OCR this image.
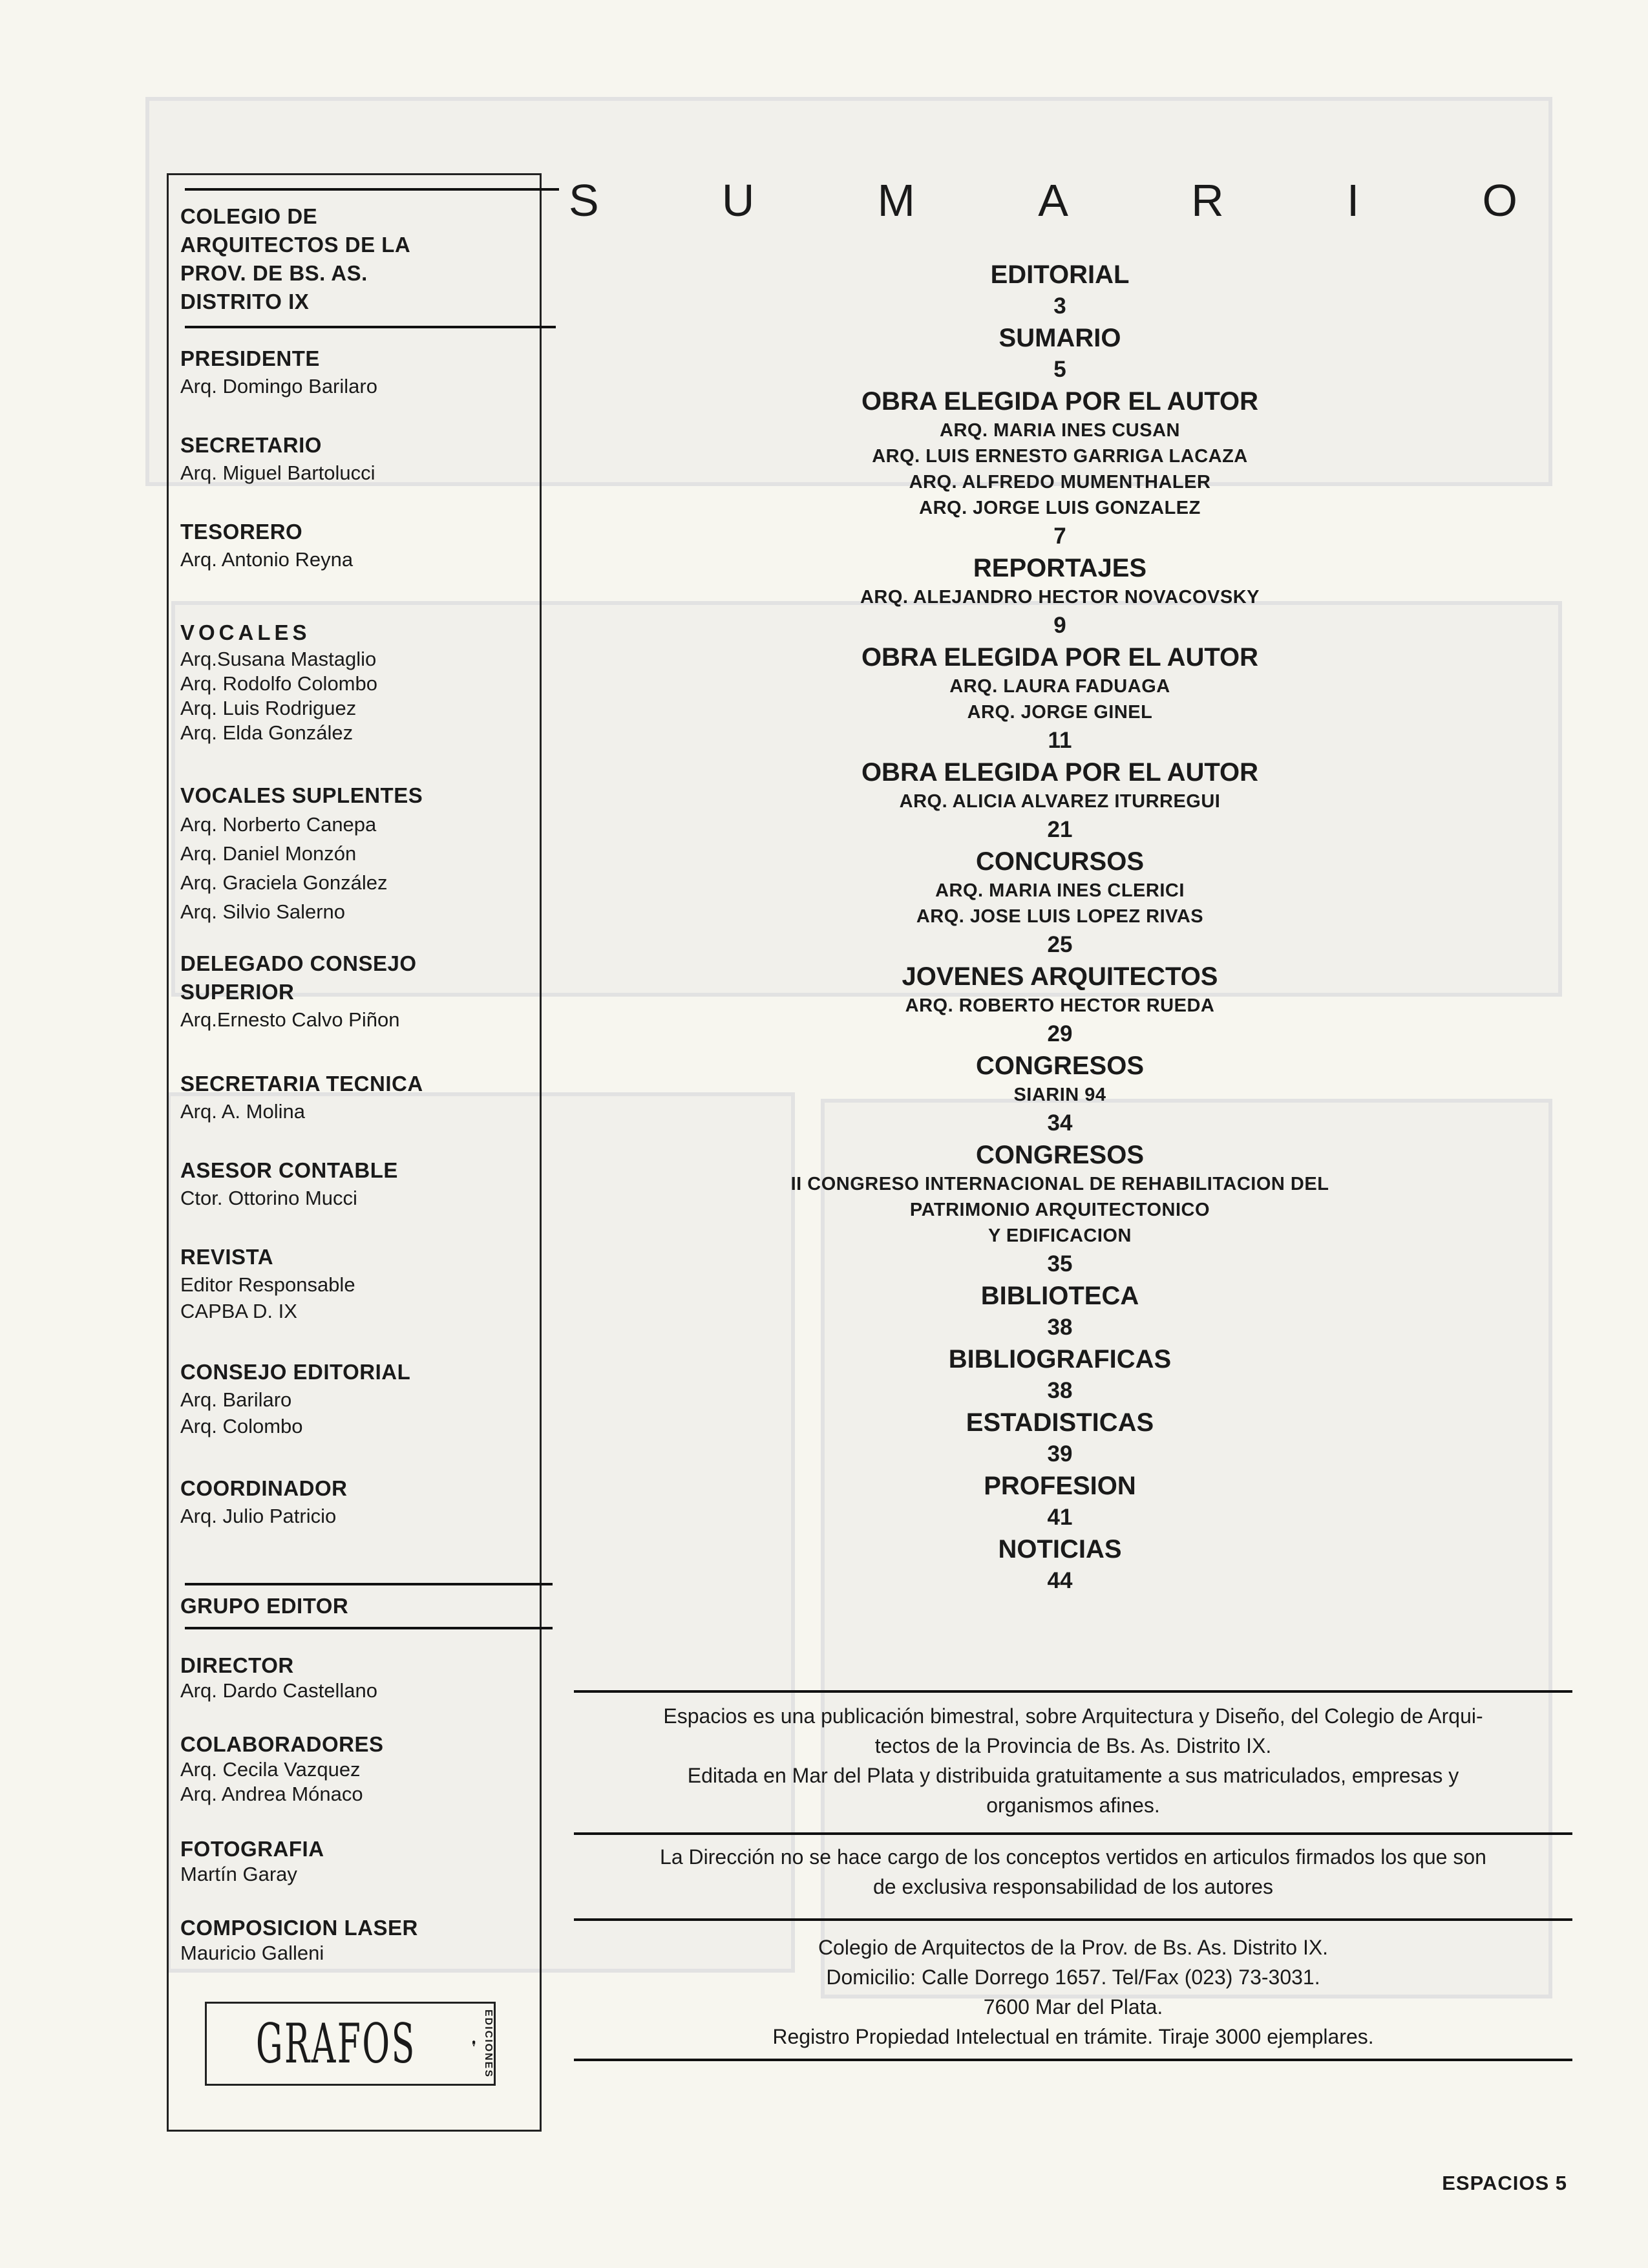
COLEGIO DE
ARQUITECTOS DE LA
PROV. DE BS. AS.
DISTRITO IX
PRESIDENTE
Arq. Domingo Barilaro
SECRETARIO
Arq. Miguel Bartolucci
TESORERO
Arq. Antonio Reyna
VOCALES
Arq.Susana Mastaglio
Arq. Rodolfo Colombo
Arq. Luis Rodriguez
Arq. Elda González
VOCALES SUPLENTES
Arq. Norberto Canepa
Arq. Daniel Monzón
Arq. Graciela González
Arq. Silvio Salerno
DELEGADO CONSEJO
SUPERIOR
Arq.Ernesto Calvo Piñon
SECRETARIA TECNICA
Arq. A. Molina
ASESOR CONTABLE
Ctor. Ottorino Mucci
REVISTA
Editor Responsable
CAPBA D. IX
CONSEJO EDITORIAL
Arq. Barilaro
Arq. Colombo
COORDINADOR
Arq. Julio Patricio
GRUPO EDITOR
DIRECTOR
Arq. Dardo Castellano
COLABORADORES
Arq. Cecila Vazquez
Arq. Andrea Mónaco
FOTOGRAFIA
Martín Garay
COMPOSICION LASER
Mauricio Galleni
GRAFOS	EDICIONES
S	U	M	A	R	I	O
EDITORIAL
3
SUMARIO
5
OBRA ELEGIDA POR EL AUTOR
ARQ. MARIA INES CUSAN
ARQ. LUIS ERNESTO GARRIGA LACAZA
ARQ. ALFREDO MUMENTHALER
ARQ. JORGE LUIS GONZALEZ
7
REPORTAJES
ARQ. ALEJANDRO HECTOR NOVACOVSKY
9
OBRA ELEGIDA POR EL AUTOR
ARQ. LAURA FADUAGA
ARQ. JORGE GINEL
11
OBRA ELEGIDA POR EL AUTOR
ARQ. ALICIA ALVAREZ ITURREGUI
21
CONCURSOS
ARQ. MARIA INES CLERICI
ARQ. JOSE LUIS LOPEZ RIVAS
25
JOVENES ARQUITECTOS
ARQ. ROBERTO HECTOR RUEDA
29
CONGRESOS
SIARIN 94
34
CONGRESOS
II CONGRESO INTERNACIONAL DE REHABILITACION DEL
PATRIMONIO ARQUITECTONICO
Y EDIFICACION
35
BIBLIOTECA
38
BIBLIOGRAFICAS
38
ESTADISTICAS
39
PROFESION
41
NOTICIAS
44
Espacios es una publicación bimestral, sobre Arquitectura y Diseño, del Colegio de Arqui-
tectos de la Provincia de Bs. As. Distrito IX.
Editada en Mar del Plata y distribuida gratuitamente a sus matriculados, empresas y
organismos afines.
La Dirección no se hace cargo de los conceptos vertidos en articulos firmados los que son
de exclusiva responsabilidad de los autores
Colegio de Arquitectos de la Prov. de Bs. As. Distrito IX.
Domicilio: Calle Dorrego 1657. Tel/Fax (023) 73-3031.
7600 Mar del Plata.
Registro Propiedad Intelectual en trámite. Tiraje 3000 ejemplares.
ESPACIOS 5
